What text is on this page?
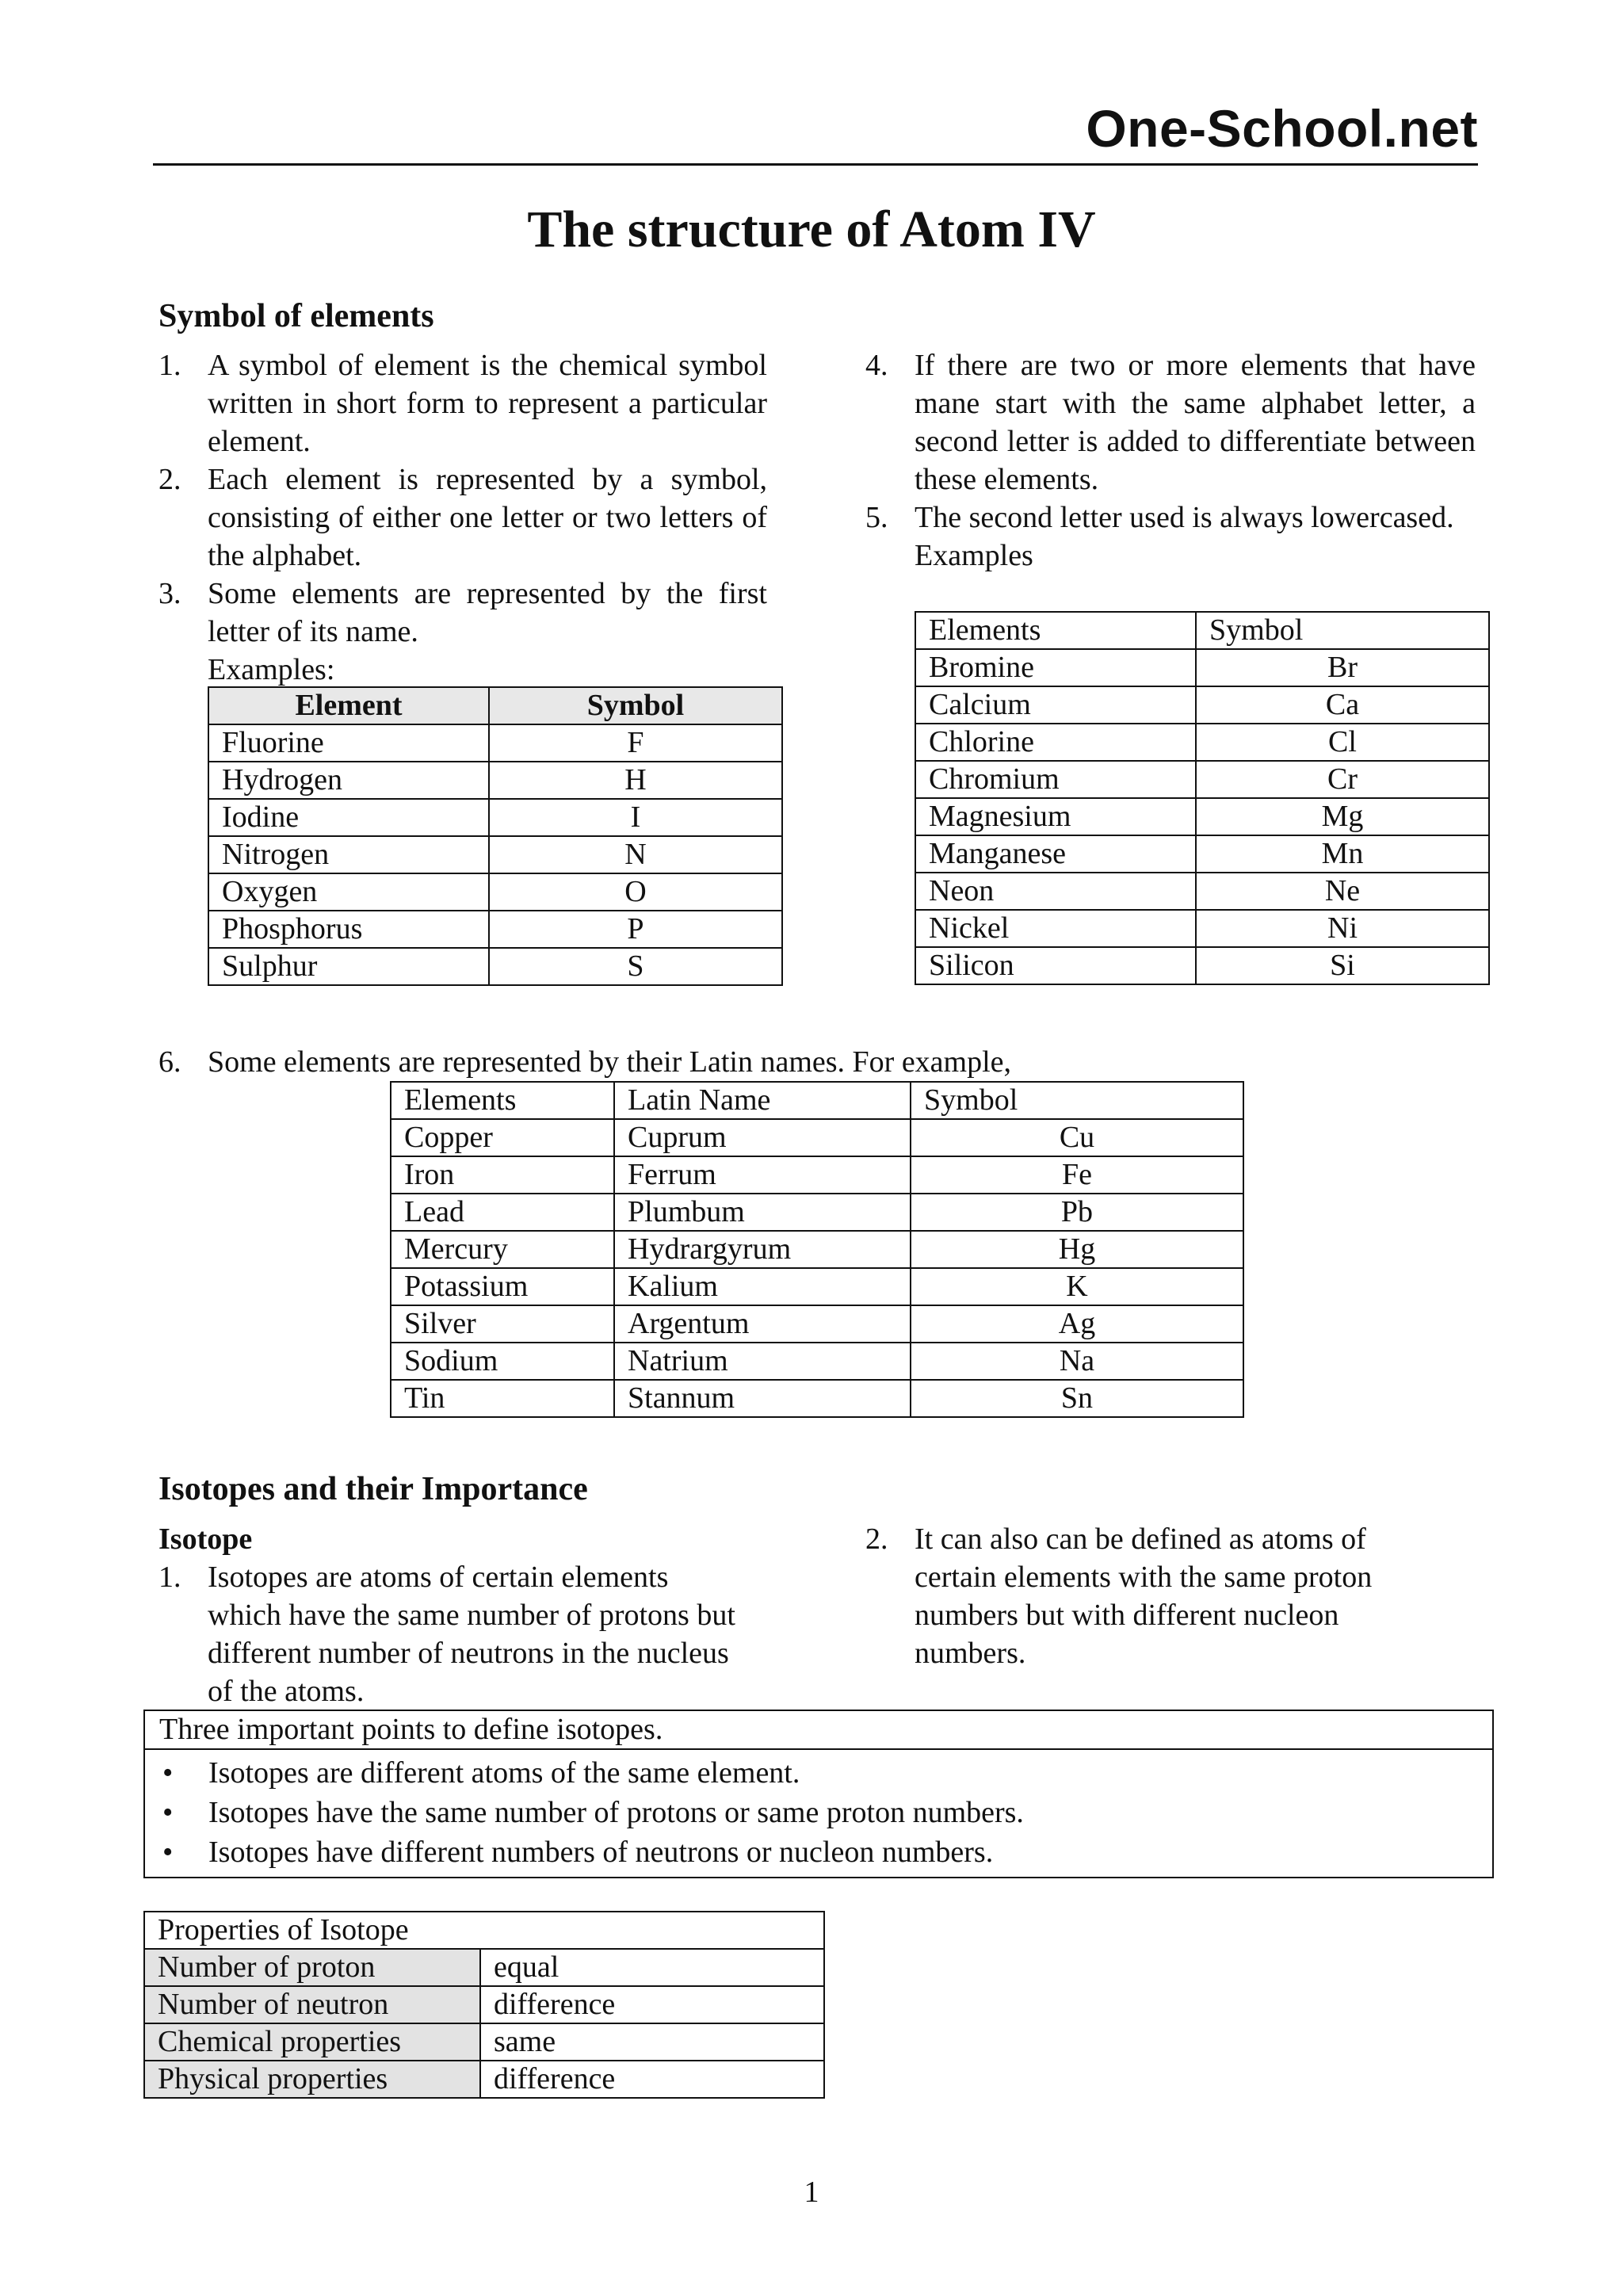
One-School.net
The structure of Atom IV
Symbol of elements
1. A symbol of element is the chemical symbol written in short form to represent a particular element.
2. Each element is represented by a symbol, consisting of either one letter or two letters of the alphabet.
3. Some elements are represented by the first letter of its name.
Examples:
Element	Symbol
Fluorine	F
Hydrogen	H
Iodine	I
Nitrogen	N
Oxygen	O
Phosphorus	P
Sulphur	S
4. If there are two or more elements that have mane start with the same alphabet letter, a second letter is added to differentiate between these elements.
5. The second letter used is always lowercased.
Examples
Elements	Symbol
Bromine	Br
Calcium	Ca
Chlorine	Cl
Chromium	Cr
Magnesium	Mg
Manganese	Mn
Neon	Ne
Nickel	Ni
Silicon	Si
6. Some elements are represented by their Latin names. For example,
Elements	Latin Name	Symbol
Copper	Cuprum	Cu
Iron	Ferrum	Fe
Lead	Plumbum	Pb
Mercury	Hydrargyrum	Hg
Potassium	Kalium	K
Silver	Argentum	Ag
Sodium	Natrium	Na
Tin	Stannum	Sn
Isotopes and their Importance
Isotope
1. Isotopes are atoms of certain elements which have the same number of protons but different number of neutrons in the nucleus of the atoms.
2. It can also can be defined as atoms of certain elements with the same proton numbers but with different nucleon numbers.
Three important points to define isotopes.
• Isotopes are different atoms of the same element.
• Isotopes have the same number of protons or same proton numbers.
• Isotopes have different numbers of neutrons or nucleon numbers.
Properties of Isotope	
Number of proton	equal
Number of neutron	difference
Chemical properties	same
Physical properties	difference
1
